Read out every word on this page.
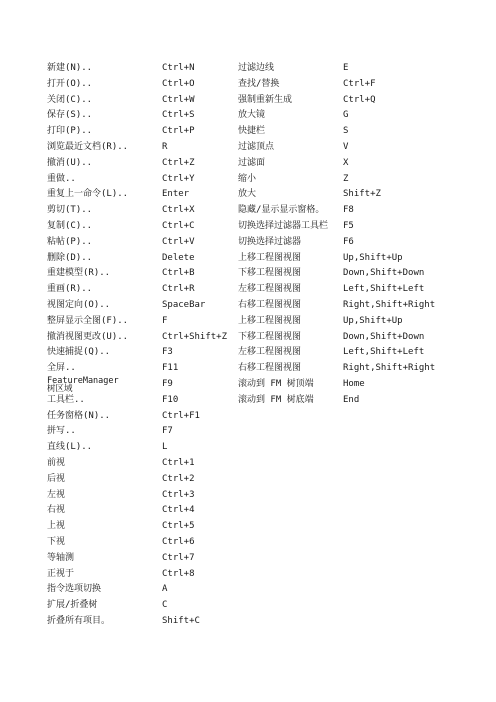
新建(N)..	Ctrl+N
打开(O)..	Ctrl+O
关闭(C)..	Ctrl+W
保存(S)..	Ctrl+S
打印(P)..	Ctrl+P
浏览最近文档(R)..	R
撤消(U)..	Ctrl+Z
重做..	Ctrl+Y
重复上一命令(L)..	Enter
剪切(T)..	Ctrl+X
复制(C)..	Ctrl+C
粘帖(P)..	Ctrl+V
删除(D)..	Delete
重建模型(R)..	Ctrl+B
重画(R)..	Ctrl+R
视图定向(O)..	SpaceBar
整屏显示全图(F)..	F
撤消视图更改(U)..	Ctrl+Shift+Z
快速捕捉(Q)..	F3
全屏..	F11
FeatureManager 树区域	F9
工具栏..	F10
任务窗格(N)..	Ctrl+F1
拼写..	F7
直线(L)..	L
前视	Ctrl+1
后视	Ctrl+2
左视	Ctrl+3
右视	Ctrl+4
上视	Ctrl+5
下视	Ctrl+6
等轴测	Ctrl+7
正视于	Ctrl+8
指令选项切换	A
扩展/折叠树	C
折叠所有项目。	Shift+C
过滤边线	E
查找/替换	Ctrl+F
强制重新生成	Ctrl+Q
放大镜	G
快捷栏	S
过滤顶点	V
过滤面	X
缩小	Z
放大	Shift+Z
隐藏/显示显示窗格。 F8
切换选择过滤器工具栏 F5
切换选择过滤器	F6
上移工程图视图	Up,Shift+Up
下移工程图视图	Down,Shift+Down
左移工程图视图	Left,Shift+Left
右移工程图视图	Right,Shift+Right
上移工程图视图	Up,Shift+Up
下移工程图视图	Down,Shift+Down
左移工程图视图	Left,Shift+Left
右移工程图视图	Right,Shift+Right
滚动到 FM 树顶端	Home
滚动到 FM 树底端	End
